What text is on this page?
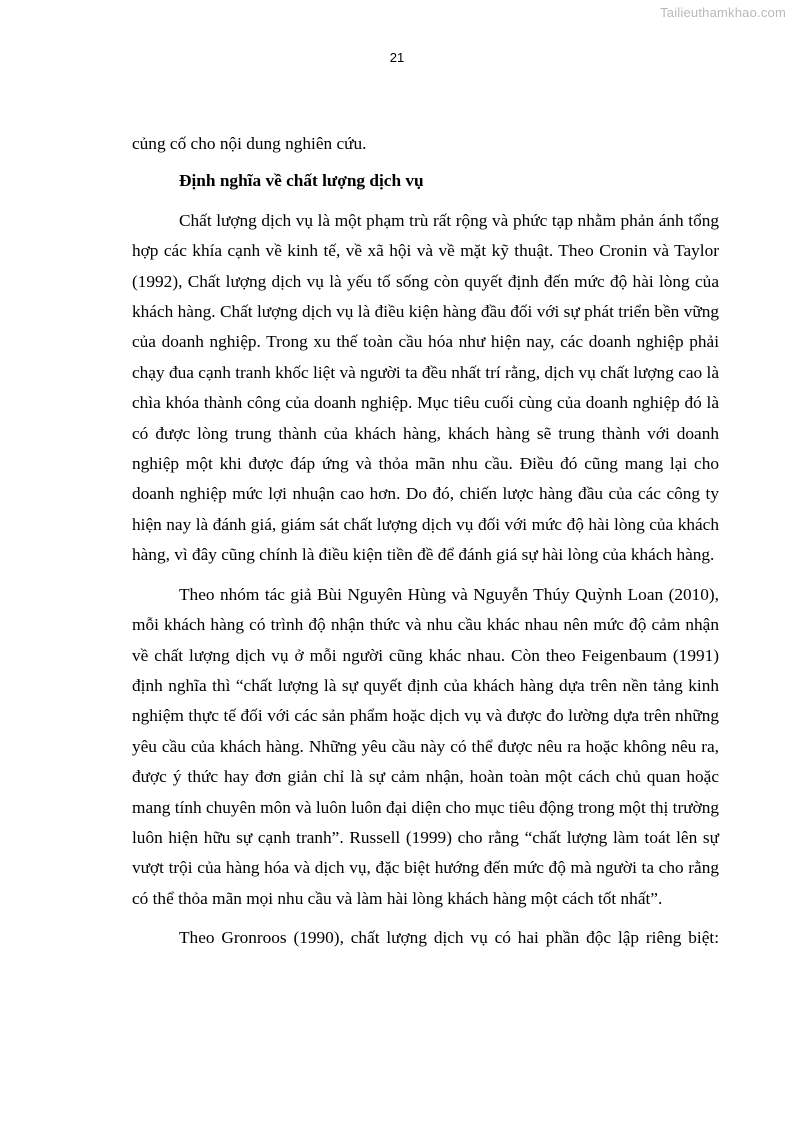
Tailieuthamkhao.com
21

củng cố cho nội dung nghiên cứu.

Định nghĩa về chất lượng dịch vụ

Chất lượng dịch vụ là một phạm trù rất rộng và phức tạp nhằm phản ánh tổng hợp các khía cạnh về kinh tế, về xã hội và về mặt kỹ thuật. Theo Cronin và Taylor (1992), Chất lượng dịch vụ là yếu tố sống còn quyết định đến mức độ hài lòng của khách hàng. Chất lượng dịch vụ là điều kiện hàng đầu đối với sự phát triển bền vững của doanh nghiệp. Trong xu thế toàn cầu hóa như hiện nay, các doanh nghiệp phải chạy đua cạnh tranh khốc liệt và người ta đều nhất trí rằng, dịch vụ chất lượng cao là chìa khóa thành công của doanh nghiệp. Mục tiêu cuối cùng của doanh nghiệp đó là có được lòng trung thành của khách hàng, khách hàng sẽ trung thành với doanh nghiệp một khi được đáp ứng và thỏa mãn nhu cầu. Điều đó cũng mang lại cho doanh nghiệp mức lợi nhuận cao hơn. Do đó, chiến lược hàng đầu của các công ty hiện nay là đánh giá, giám sát chất lượng dịch vụ đối với mức độ hài lòng của khách hàng, vì đây cũng chính là điều kiện tiền đề để đánh giá sự hài lòng của khách hàng.

Theo nhóm tác giả Bùi Nguyên Hùng và Nguyễn Thúy Quỳnh Loan (2010), mỗi khách hàng có trình độ nhận thức và nhu cầu khác nhau nên mức độ cảm nhận về chất lượng dịch vụ ở mỗi người cũng khác nhau. Còn theo Feigenbaum (1991) định nghĩa thì “chất lượng là sự quyết định của khách hàng dựa trên nền tảng kinh nghiệm thực tế đối với các sản phẩm hoặc dịch vụ và được đo lường dựa trên những yêu cầu của khách hàng. Những yêu cầu này có thể được nêu ra hoặc không nêu ra, được ý thức hay đơn giản chỉ là sự cảm nhận, hoàn toàn một cách chủ quan hoặc mang tính chuyên môn và luôn luôn đại diện cho mục tiêu động trong một thị trường luôn hiện hữu sự cạnh tranh”. Russell (1999) cho rằng “chất lượng làm toát lên sự vượt trội của hàng hóa và dịch vụ, đặc biệt hướng đến mức độ mà người ta cho rằng có thể thỏa mãn mọi nhu cầu và làm hài lòng khách hàng một cách tốt nhất”.

Theo Gronroos (1990), chất lượng dịch vụ có hai phần độc lập riêng biệt:
